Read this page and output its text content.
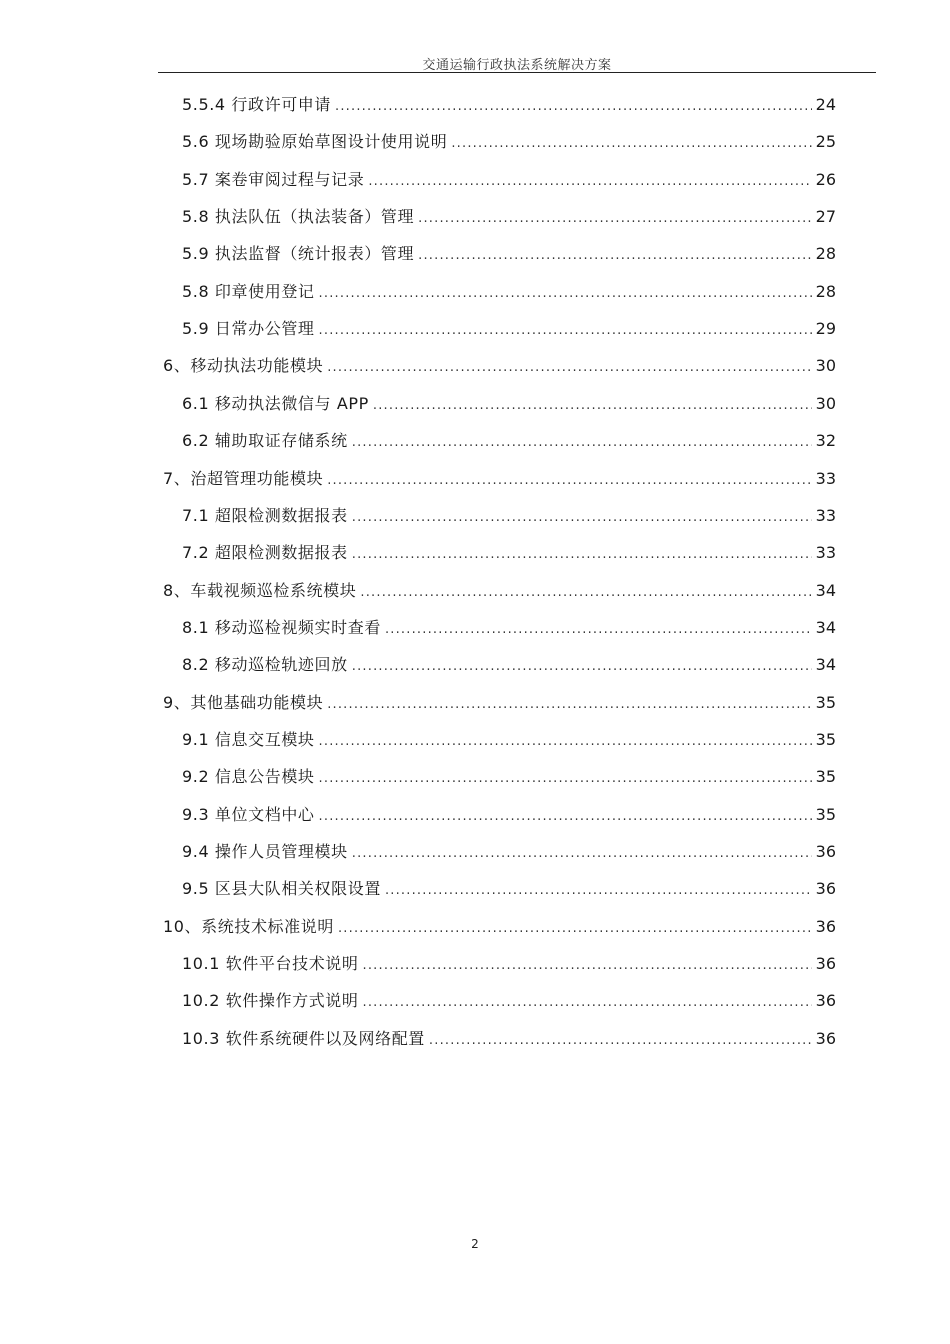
交通运输行政执法系统解决方案
5.5.4 行政许可申请 .....	24
5.6 现场勘验原始草图设计使用说明 .....	25
5.7 案卷审阅过程与记录 .....	26
5.8 执法队伍（执法装备）管理 .....	27
5.9 执法监督（统计报表）管理 .....	28
5.8 印章使用登记 .....	28
5.9 日常办公管理 .....	29
6、移动执法功能模块 .....	30
6.1 移动执法微信与 APP .....	30
6.2 辅助取证存储系统 .....	32
7、治超管理功能模块 .....	33
7.1 超限检测数据报表 .....	33
7.2 超限检测数据报表 .....	33
8、车载视频巡检系统模块 .....	34
8.1 移动巡检视频实时查看 .....	34
8.2 移动巡检轨迹回放 .....	34
9、其他基础功能模块 .....	35
9.1 信息交互模块 .....	35
9.2 信息公告模块 .....	35
9.3 单位文档中心 .....	35
9.4 操作人员管理模块 .....	36
9.5 区县大队相关权限设置 .....	36
10、系统技术标准说明 .....	36
10.1 软件平台技术说明 .....	36
10.2 软件操作方式说明 .....	36
10.3 软件系统硬件以及网络配置 .....	36
2
